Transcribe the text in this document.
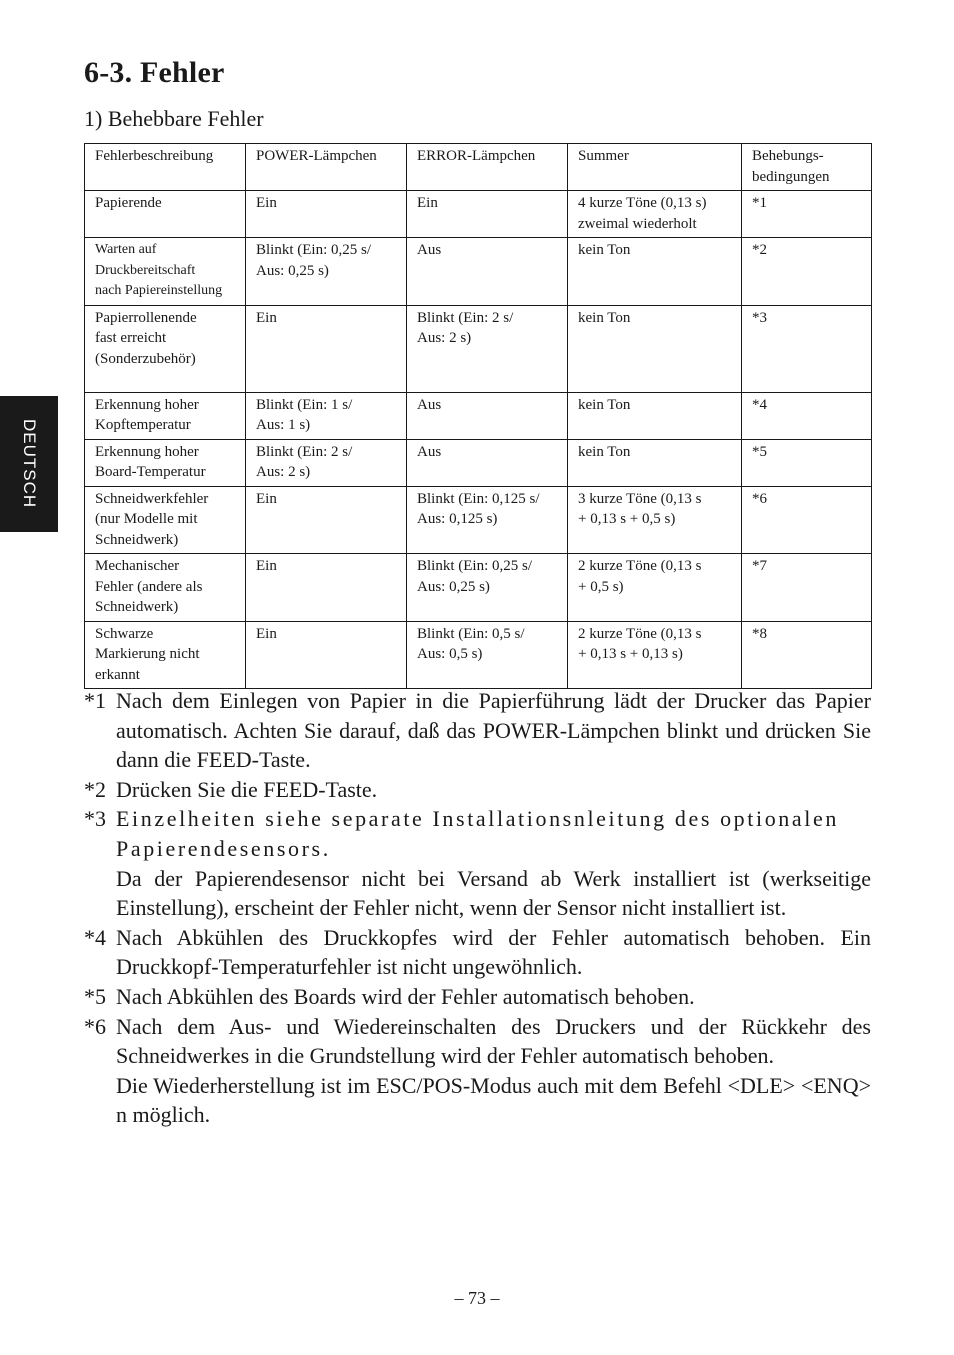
6-3. Fehler
1) Behebbare Fehler
DEUTSCH
Fehlerbeschreibung	POWER-Lämpchen	ERROR-Lämpchen	Summer	Behebungs-
bedingungen
Papierende	Ein	Ein	4 kurze Töne (0,13 s)
zweimal wiederholt	*1
Warten auf
Druckbereitschaft
nach Papiereinstellung	Blinkt (Ein: 0,25 s/
Aus: 0,25 s)	Aus	kein Ton	*2
Papierrollenende
fast erreicht
(Sonderzubehör)	Ein	Blinkt (Ein: 2 s/
Aus: 2 s)	kein Ton	*3
Erkennung hoher
Kopftemperatur	Blinkt (Ein: 1 s/
Aus: 1 s)	Aus	kein Ton	*4
Erkennung hoher
Board-Temperatur	Blinkt (Ein: 2 s/
Aus: 2 s)	Aus	kein Ton	*5
Schneidwerkfehler
(nur Modelle mit
Schneidwerk)	Ein	Blinkt (Ein: 0,125 s/
Aus: 0,125 s)	3 kurze Töne (0,13 s
+ 0,13 s + 0,5 s)	*6
Mechanischer
Fehler (andere als
Schneidwerk)	Ein	Blinkt (Ein: 0,25 s/
Aus: 0,25 s)	2 kurze Töne (0,13 s
+ 0,5 s)	*7
Schwarze
Markierung nicht
erkannt	Ein	Blinkt (Ein: 0,5 s/
Aus: 0,5 s)	2 kurze Töne (0,13 s
+ 0,13 s + 0,13 s)	*8
*1 Nach dem Einlegen von Papier in die Papierführung lädt der Drucker das Papier automatisch. Achten Sie darauf, daß das POWER-Lämpchen blinkt und drücken Sie dann die FEED-Taste.

*2 Drücken Sie die FEED-Taste.

*3 Einzelheiten siehe separate Installationsnleitung des optionalen Papierendesensors.

Da der Papierendesensor nicht bei Versand ab Werk installiert ist (werkseitige Einstellung), erscheint der Fehler nicht, wenn der Sensor nicht installiert ist.

*4 Nach Abkühlen des Druckkopfes wird der Fehler automatisch behoben. Ein Druckkopf-Temperaturfehler ist nicht ungewöhnlich.

*5 Nach Abkühlen des Boards wird der Fehler automatisch behoben.

*6 Nach dem Aus- und Wiedereinschalten des Druckers und der Rückkehr des Schneidwerkes in die Grundstellung wird der Fehler automatisch behoben.

Die Wiederherstellung ist im ESC/POS-Modus auch mit dem Befehl <DLE> <ENQ> n möglich.

– 73 –
